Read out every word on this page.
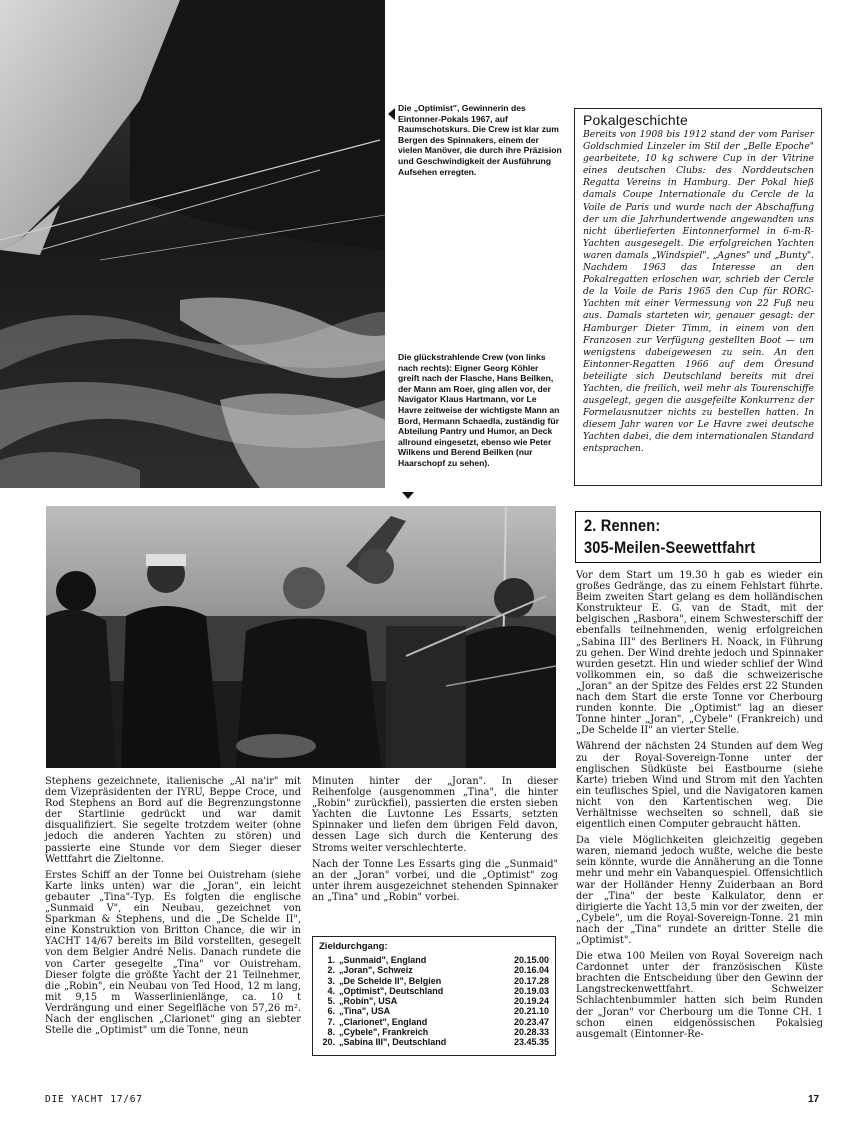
Die „Optimist", Gewinnerin des Eintonner-Pokals 1967, auf Raumschotskurs. Die Crew ist klar zum Bergen des Spinnakers, einem der vielen Manöver, die durch ihre Präzision und Geschwindigkeit der Ausführung Aufsehen erregten.
Die glückstrahlende Crew (von links nach rechts): Eigner Georg Köhler greift nach der Flasche, Hans Beilken, der Mann am Roer, ging allen vor, der Navigator Klaus Hartmann, vor Le Havre zeitweise der wichtigste Mann an Bord, Hermann Schaedla, zuständig für Abteilung Pantry und Humor, an Deck allround eingesetzt, ebenso wie Peter Wilkens und Berend Beilken (nur Haarschopf zu sehen).
Pokalgeschichte

Bereits von 1908 bis 1912 stand der vom Pariser Goldschmied Linzeler im Stil der „Belle Epoche" gearbeitete, 10 kg schwere Cup in der Vitrine eines deutschen Clubs: des Norddeutschen Regatta Vereins in Hamburg. Der Pokal hieß damals Coupe Internationale du Cercle de la Voile de Paris und wurde nach der Abschaffung der um die Jahrhundertwende angewandten uns nicht überlieferten Eintonnerformel in 6-m-R-Yachten ausgesegelt. Die erfolgreichen Yachten waren damals „Windspiel", „Agnes" und „Bunty". Nachdem 1963 das Interesse an den Pokalregatten erloschen war, schrieb der Cercle de la Voile de Paris 1965 den Cup für RORC-Yachten mit einer Vermessung von 22 Fuß neu aus. Damals starteten wir, genauer gesagt: der Hamburger Dieter Timm, in einem von den Franzosen zur Verfügung gestellten Boot — um wenigstens dabeigewesen zu sein. An den Eintonner-Regatten 1966 auf dem Öresund beteiligte sich Deutschland bereits mit drei Yachten, die freilich, weil mehr als Tourenschiffe ausgelegt, gegen die ausgefeilte Konkurrenz der Formelausnutzer nichts zu bestellen hatten. In diesem Jahr waren vor Le Havre zwei deutsche Yachten dabei, die dem internationalen Standard entsprachen.

2. Rennen:
305-Meilen-Seewettfahrt

Stephens gezeichnete, italienische „Al na'ir" mit dem Vizepräsidenten der IYRU, Beppe Croce, und Rod Stephens an Bord auf die Begrenzungstonne der Startlinie gedrückt und war damit disqualifiziert. Sie segelte trotzdem weiter (ohne jedoch die anderen Yachten zu stören) und passierte eine Stunde vor dem Sieger dieser Wettfahrt die Zieltonne.

Erstes Schiff an der Tonne bei Ouistreham (siehe Karte links unten) war die „Joran", ein leicht gebauter „Tina"-Typ. Es folgten die englische „Sunmaid V", ein Neubau, gezeichnet von Sparkman & Stephens, und die „De Schelde II", eine Konstruktion von Britton Chance, die wir in YACHT 14/67 bereits im Bild vorstellten, gesegelt von dem Belgier André Nelis. Danach rundete die von Carter gesegelte „Tina" vor Ouistreham. Dieser folgte die größte Yacht der 21 Teilnehmer, die „Robin", ein Neubau von Ted Hood, 12 m lang, mit 9,15 m Wasserlinienlänge, ca. 10 t Verdrängung und einer Segelfläche von 57,26 m². Nach der englischen „Clarionet" ging an siebter Stelle die „Optimist" um die Tonne, neun

Minuten hinter der „Joran". In dieser Reihenfolge (ausgenommen „Tina", die hinter „Robin" zurückfiel), passierten die ersten sieben Yachten die Luvtonne Les Essarts, setzten Spinnaker und liefen dem übrigen Feld davon, dessen Lage sich durch die Kenterung des Stroms weiter verschlechterte.

Nach der Tonne Les Essarts ging die „Sunmaid" an der „Joran" vorbei, und die „Optimist" zog unter ihrem ausgezeichnet stehenden Spinnaker an „Tina" und „Robin" vorbei.

Vor dem Start um 19.30 h gab es wieder ein großes Gedränge, das zu einem Fehlstart führte. Beim zweiten Start gelang es dem holländischen Konstrukteur E. G. van de Stadt, mit der belgischen „Rasbora", einem Schwesterschiff der ebenfalls teilnehmenden, wenig erfolgreichen „Sabina III" des Berliners H. Noack, in Führung zu gehen. Der Wind drehte jedoch und Spinnaker wurden gesetzt. Hin und wieder schlief der Wind vollkommen ein, so daß die schweizerische „Joran" an der Spitze des Feldes erst 22 Stunden nach dem Start die erste Tonne vor Cherbourg runden konnte. Die „Optimist" lag an dieser Tonne hinter „Joran", „Cybele" (Frankreich) und „De Schelde II" an vierter Stelle.

Während der nächsten 24 Stunden auf dem Weg zu der Royal-Sovereign-Tonne unter der englischen Südküste bei Eastbourne (siehe Karte) trieben Wind und Strom mit den Yachten ein teuflisches Spiel, und die Navigatoren kamen nicht von den Kartentischen weg. Die Verhältnisse wechselten so schnell, daß sie eigentlich einen Computer gebraucht hätten.

Da viele Möglichkeiten gleichzeitig gegeben waren, niemand jedoch wußte, welche die beste sein könnte, wurde die Annäherung an die Tonne mehr und mehr ein Vabanquespiel. Offensichtlich war der Holländer Henny Zuiderbaan an Bord der „Tina" der beste Kalkulator, denn er dirigierte die Yacht 13,5 min vor der zweiten, der „Cybele", um die Royal-Sovereign-Tonne. 21 min nach der „Tina" rundete an dritter Stelle die „Optimist".

Die etwa 100 Meilen von Royal Sovereign nach Cardonnet unter der französischen Küste brachten die Entscheidung über den Gewinn der Langstreckenwettfahrt. Schweizer Schlachtenbummler hatten sich beim Runden der „Joran" vor Cherbourg um die Tonne CH. 1 schon einen eidgenössischen Pokalsieg ausgemalt (Eintonner-Re-

Zieldurchgang:
1. „Sunmaid", England	20.15.00
2. „Joran", Schweiz	20.16.04
3. „De Schelde II", Belgien	20.17.28
4. „Optimist", Deutschland	20.19.03
5. „Robin", USA	20.19.24
6. „Tina", USA	20.21.10
7. „Clarionet", England	20.23.47
8. „Cybele", Frankreich	20.28.33
20. „Sabina III", Deutschland	23.45.35
DIE YACHT 17/67	17
